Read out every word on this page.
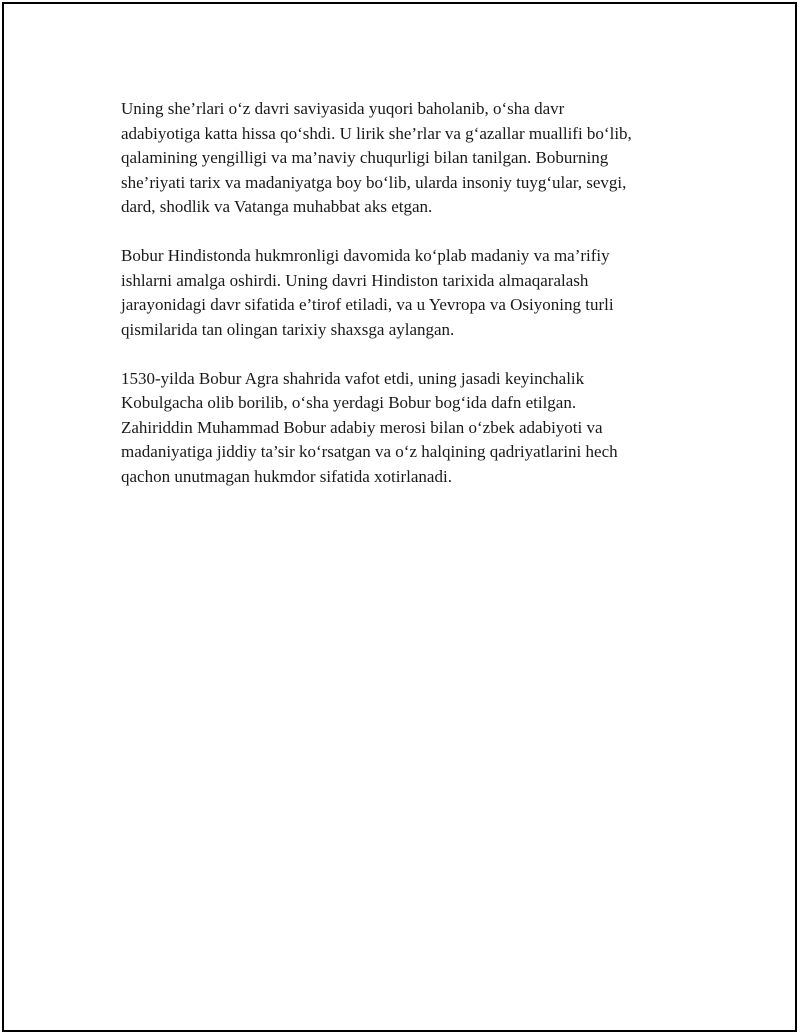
Uning she’rlari o‘z davri saviyasida yuqori baholanib, o‘sha davr
adabiyotiga katta hissa qo‘shdi. U lirik she’rlar va g‘azallar muallifi bo‘lib,
qalamining yengilligi va ma’naviy chuqurligi bilan tanilgan. Boburning
she’riyati tarix va madaniyatga boy bo‘lib, ularda insoniy tuyg‘ular, sevgi,
dard, shodlik va Vatanga muhabbat aks etgan.
Bobur Hindistonda hukmronligi davomida ko‘plab madaniy va ma’rifiy
ishlarni amalga oshirdi. Uning davri Hindiston tarixida almaqaralash
jarayonidagi davr sifatida e’tirof etiladi, va u Yevropa va Osiyoning turli
qismilarida tan olingan tarixiy shaxsga aylangan.
1530-yilda Bobur Agra shahrida vafot etdi, uning jasadi keyinchalik
Kobulgacha olib borilib, o‘sha yerdagi Bobur bog‘ida dafn etilgan.
Zahiriddin Muhammad Bobur adabiy merosi bilan o‘zbek adabiyoti va
madaniyatiga jiddiy ta’sir ko‘rsatgan va o‘z halqining qadriyatlarini hech
qachon unutmagan hukmdor sifatida xotirlanadi.
